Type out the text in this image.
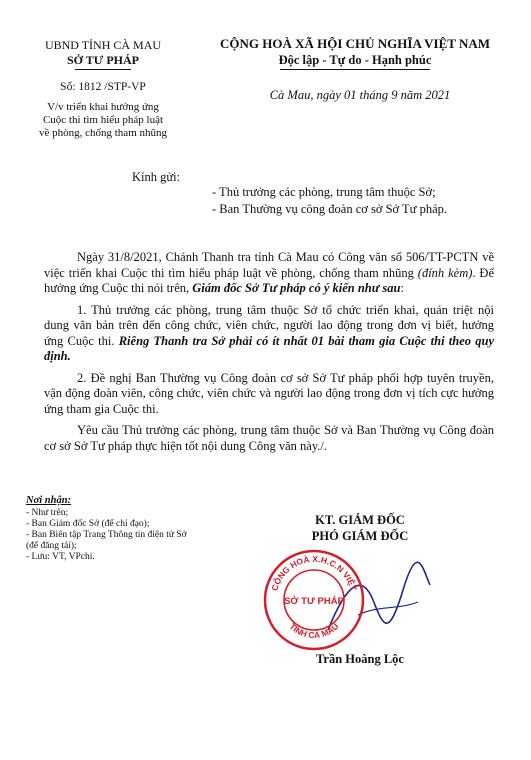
UBND TỈNH CÀ MAU
SỞ TƯ PHÁP
Số: 1812 /STP-VP
V/v triển khai hưởng ứng
Cuộc thi tìm hiểu pháp luật
về phòng, chống tham nhũng
CỘNG HOÀ XÃ HỘI CHỦ NGHĨA VIỆT NAM
Độc lập - Tự do - Hạnh phúc
Cà Mau, ngày 01 tháng 9 năm 2021
Kính gửi:
- Thủ trưởng các phòng, trung tâm thuộc Sở;
- Ban Thường vụ công đoàn cơ sở Sở Tư pháp.

Ngày 31/8/2021, Chánh Thanh tra tỉnh Cà Mau có Công văn số 506/TT-PCTN về việc triển khai Cuộc thi tìm hiểu pháp luật về phòng, chống tham nhũng (đính kèm). Để hưởng ứng Cuộc thi nói trên, Giám đốc Sở Tư pháp có ý kiến như sau:

1. Thủ trưởng các phòng, trung tâm thuộc Sở tổ chức triển khai, quán triệt nội dung văn bản trên đến công chức, viên chức, người lao động trong đơn vị biết, hưởng ứng Cuộc thi. Riêng Thanh tra Sở phải có ít nhất 01 bài tham gia Cuộc thi theo quy định.

2. Đề nghị Ban Thường vụ Công đoàn cơ sở Sở Tư pháp phối hợp tuyên truyền, vận động đoàn viên, công chức, viên chức và người lao động trong đơn vị tích cực hưởng ứng tham gia Cuộc thi.

Yêu cầu Thủ trưởng các phòng, trung tâm thuộc Sở và Ban Thường vụ Công đoàn cơ sở Sở Tư pháp thực hiện tốt nội dung Công văn này./.

Nơi nhận:
- Như trên;
- Ban Giám đốc Sở (để chỉ đạo);
- Ban Biên tập Trang Thông tin điện tử Sở (để đăng tải);
- Lưu: VT, VPchi.
KT. GIÁM ĐỐC
PHÓ GIÁM ĐỐC
CỘNG HOÀ X.H.C.N VIỆT
TỈNH CÀ MAU
SỞ TƯ PHÁP
Trần Hoàng Lộc
